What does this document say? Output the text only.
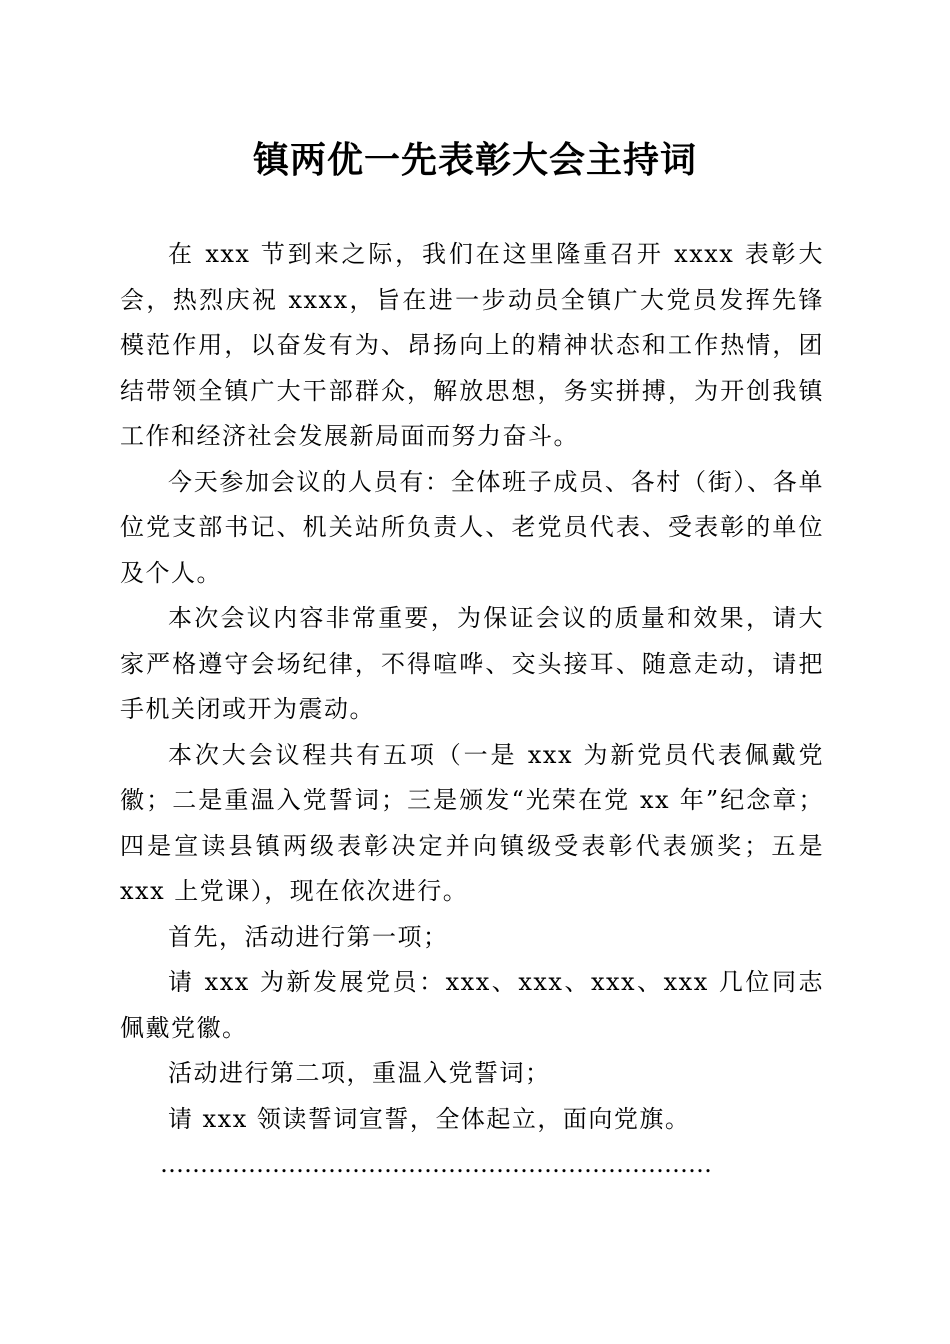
镇两优一先表彰大会主持词

在 xxx 节到来之际，我们在这里隆重召开 xxxx 表彰大会，热烈庆祝 xxxx，旨在进一步动员全镇广大党员发挥先锋模范作用，以奋发有为、昂扬向上的精神状态和工作热情，团结带领全镇广大干部群众，解放思想，务实拼搏，为开创我镇工作和经济社会发展新局面而努力奋斗。

今天参加会议的人员有：全体班子成员、各村（街）、各单位党支部书记、机关站所负责人、老党员代表、受表彰的单位及个人。

本次会议内容非常重要，为保证会议的质量和效果，请大家严格遵守会场纪律，不得喧哗、交头接耳、随意走动，请把手机关闭或开为震动。

本次大会议程共有五项（一是 xxx 为新党员代表佩戴党徽；二是重温入党誓词；三是颁发“光荣在党 xx 年”纪念章；四是宣读县镇两级表彰决定并向镇级受表彰代表颁奖；五是 xxx 上党课），现在依次进行。

首先，活动进行第一项；

请 xxx 为新发展党员：xxx、xxx、xxx、xxx 几位同志佩戴党徽。

活动进行第二项，重温入党誓词；

请 xxx 领读誓词宣誓，全体起立，面向党旗。

……………………………………………………………
